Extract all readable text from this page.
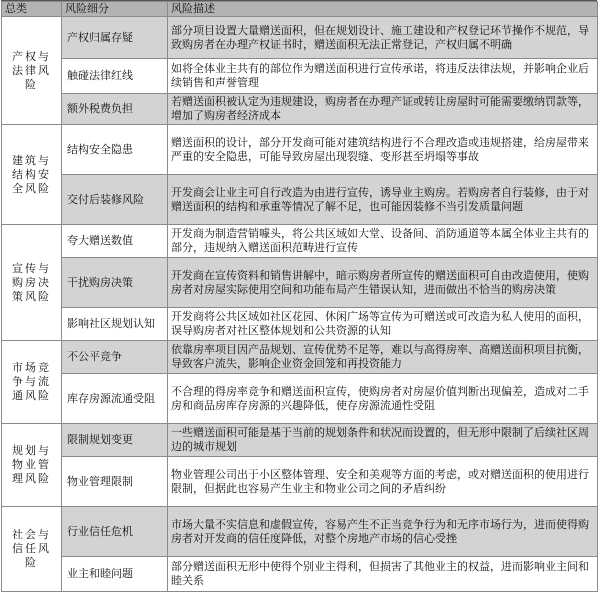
总类	风险细分	风险描述
产权与法律风险	产权归属存疑	部分项目设置大量赠送面积，但在规划设计、施工建设和产权登记环节操作不规范，导致购房者在办理产权证书时，赠送面积无法正常登记，产权归属不明确
	触碰法律红线	如将全体业主共有的部位作为赠送面积进行宣传承诺，将违反法律法规，并影响企业后续销售和声誉管理
	额外税费负担	若赠送面积被认定为违规建设，购房者在办理产证或转让房屋时可能需要缴纳罚款等，增加了购房者经济成本
建筑与结构安全风险	结构安全隐患	赠送面积的设计，部分开发商可能对建筑结构进行不合理改造或违规搭建，给房屋带来严重的安全隐患，可能导致房屋出现裂缝、变形甚至坍塌等事故
	交付后装修风险	开发商会让业主可自行改造为由进行宣传，诱导业主购房。若购房者自行装修，由于对赠送面积的结构和承重等情况了解不足，也可能因装修不当引发质量问题
宣传与购房决策风险	夸大赠送数值	开发商为制造营销噱头，将公共区域如大堂、设备间、消防通道等本属全体业主共有的部分，违规纳入赠送面积范畴进行宣传
	干扰购房决策	开发商在宣传资料和销售讲解中，暗示购房者所宣传的赠送面积可自由改造使用，使购房者对房屋实际使用空间和功能布局产生错误认知，进而做出不恰当的购房决策
	影响社区规划认知	开发商将公共区域如社区花园、休闲广场等宣传为可赠送或可改造为私人使用的面积，误导购房者对社区整体规划和公共资源的认知
市场竞争与流通风险	不公平竞争	依靠房率项目因产品规划、宣传优势不足等，难以与高得房率、高赠送面积项目抗衡，导致客户流失，影响企业资金回笼和再投资能力
	库存房源流通受阻	不合理的得房率竞争和赠送面积宣传，使购房者对房屋价值判断出现偏差，造成对二手房和商品房库存房源的兴趣降低，使存房源流通性受阻
规划与物业管理风险	限制规划变更	一些赠送面积可能是基于当前的规划条件和状况而设置的，但无形中限制了后续社区周边的城市规划
	物业管理限制	物业管理公司出于小区整体管理、安全和美观等方面的考虑，或对赠送面积的使用进行限制，但据此也容易产生业主和物业公司之间的矛盾纠纷
社会与信任风险	行业信任危机	市场大量不实信息和虚假宣传，容易产生不正当竞争行为和无序市场行为，进而使得购房者对开发商的信任度降低，对整个房地产市场的信心受挫
	业主和睦问题	部分赠送面积无形中使得个别业主得利，但损害了其他业主的权益，进而影响业主间和睦关系
